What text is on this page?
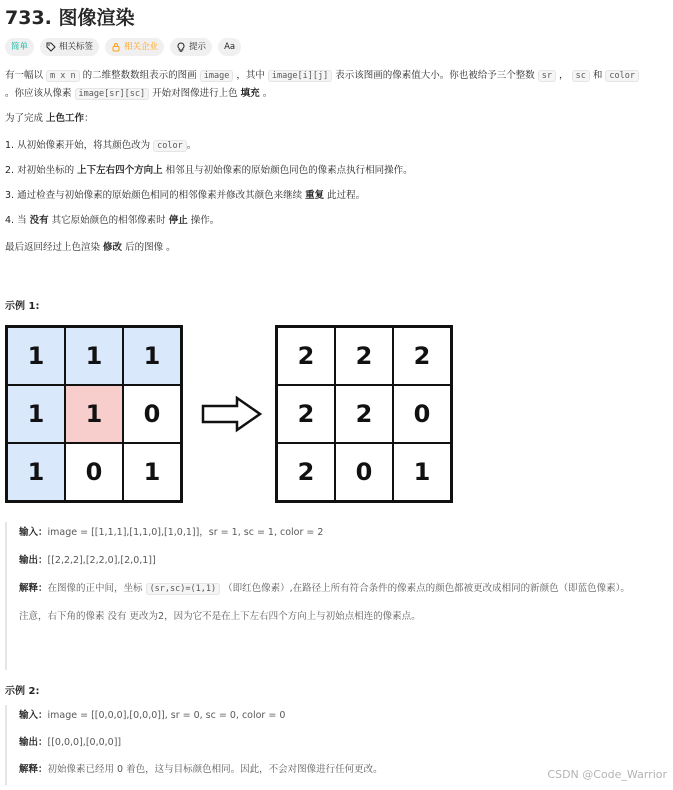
733. 图像渲染
简单	相关标签	相关企业	提示 Aa
有一幅以 m x n 的二维整数数组表示的图画 image ，其中 image[i][j] 表示该图画的像素值大小。你也被给予三个整数 sr ， sc 和 color
。你应该从像素 image[sr][sc] 开始对图像进行上色 填充 。
为了完成 上色工作：
1. 从初始像素开始，将其颜色改为 color 。
2. 对初始坐标的 上下左右四个方向上 相邻且与初始像素的原始颜色同色的像素点执行相同操作。
3. 通过检查与初始像素的原始颜色相同的相邻像素并修改其颜色来继续 重复 此过程。
4. 当 没有 其它原始颜色的相邻像素时 停止 操作。
最后返回经过上色渲染 修改 后的图像 。
示例 1:
1	1	1
1	1	0
1	0	1
2	2	2
2	2	0
2	0	1
输入：image = [[1,1,1],[1,1,0],[1,0,1]]，sr = 1, sc = 1, color = 2
输出：[[2,2,2],[2,2,0],[2,0,1]]
解释：在图像的正中间，坐标 (sr,sc)=(1,1) （即红色像素）,在路径上所有符合条件的像素点的颜色都被更改成相同的新颜色（即蓝色像素）。
注意，右下角的像素 没有 更改为2，因为它不是在上下左右四个方向上与初始点相连的像素点。
示例 2:
输入：image = [[0,0,0],[0,0,0]], sr = 0, sc = 0, color = 0
输出：[[0,0,0],[0,0,0]]
解释：初始像素已经用 0 着色，这与目标颜色相同。因此，不会对图像进行任何更改。	CSDN @Code_Warrior
